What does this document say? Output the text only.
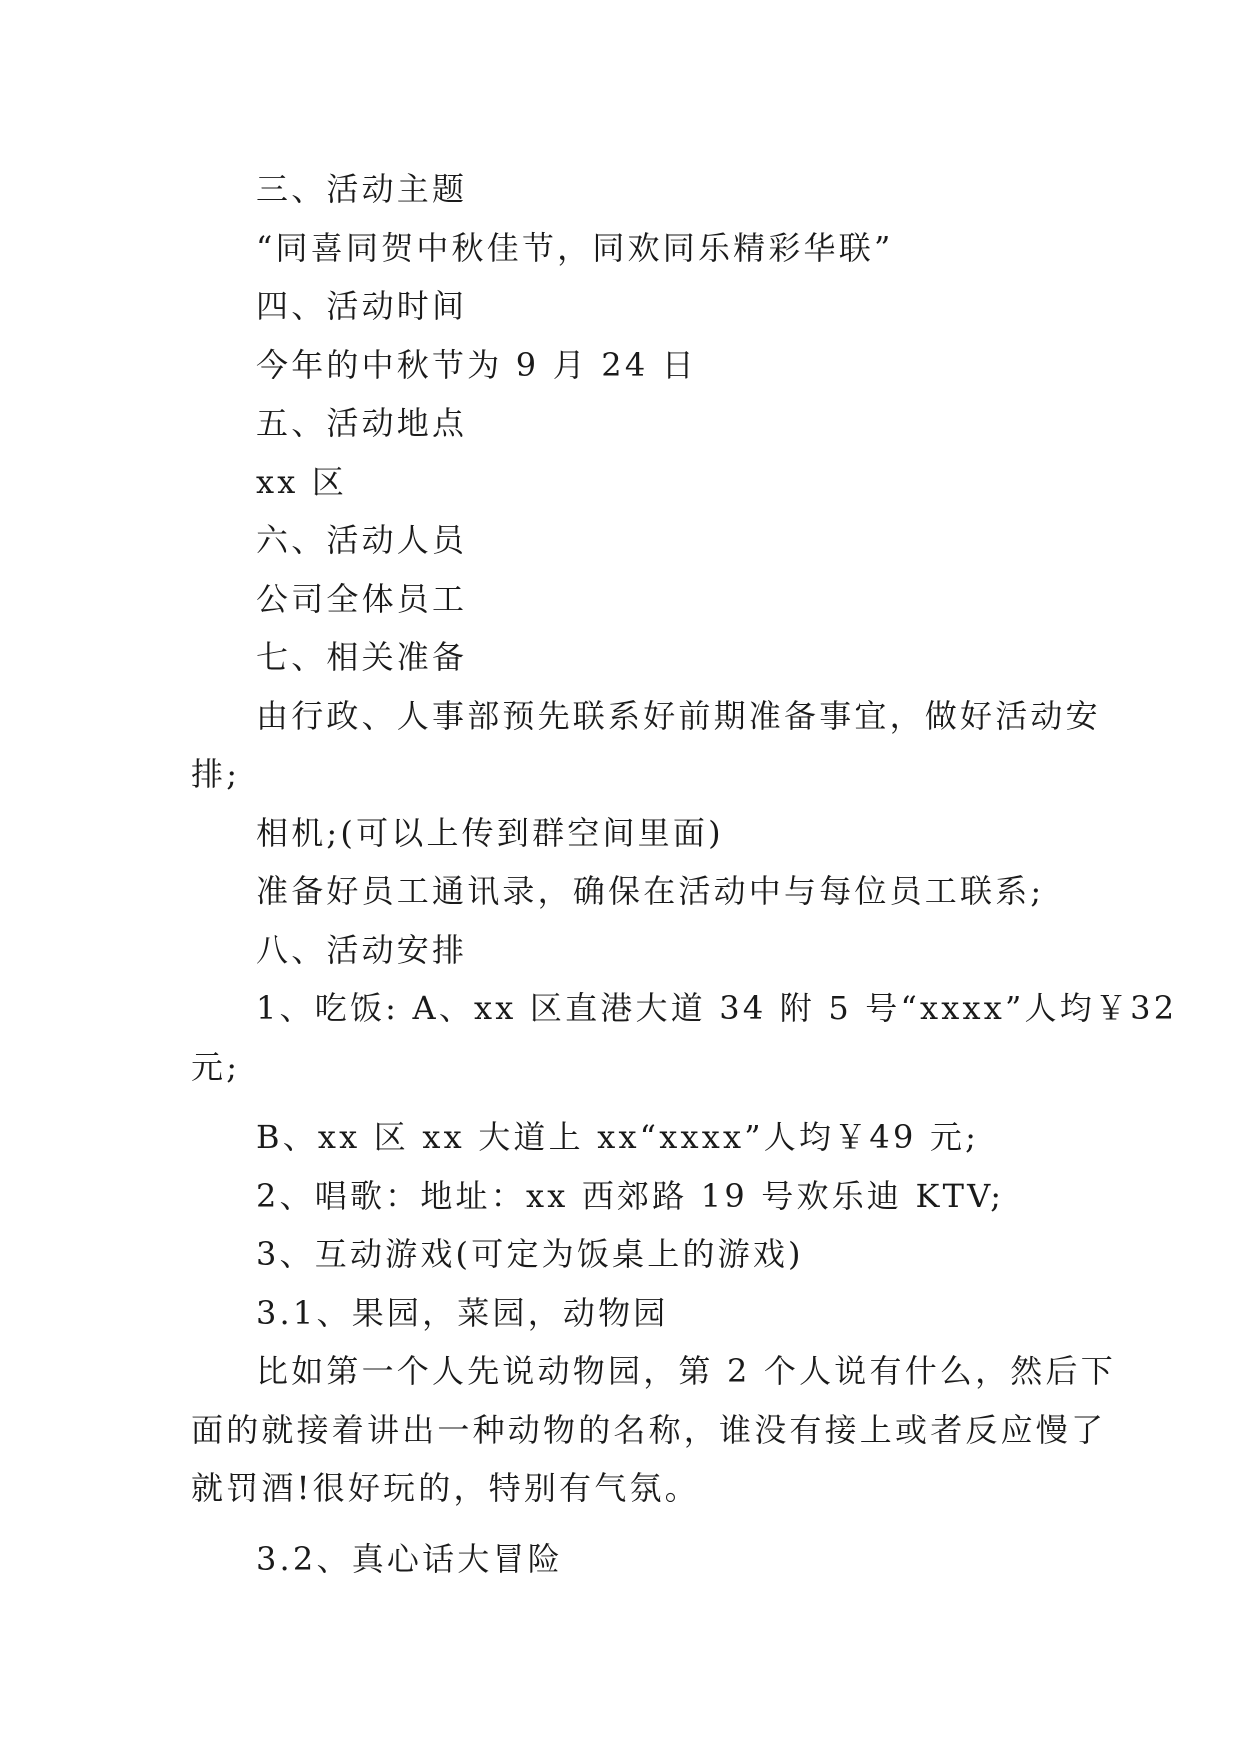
三、活动主题

“同喜同贺中秋佳节，同欢同乐精彩华联”

四、活动时间

今年的中秋节为 9 月 24 日

五、活动地点

xx 区

六、活动人员

公司全体员工

七、相关准备

由行政、人事部预先联系好前期准备事宜，做好活动安

排;

相机;(可以上传到群空间里面)

准备好员工通讯录，确保在活动中与每位员工联系;

八、活动安排

1、吃饭: A、xx 区直港大道 34 附 5 号“xxxx”人均￥32

元;

B、xx 区 xx 大道上 xx“xxxx”人均￥49 元;

2、唱歌：地址：xx 西郊路 19 号欢乐迪 KTV;

3、互动游戏(可定为饭桌上的游戏)

3.1、果园，菜园，动物园

比如第一个人先说动物园，第 2 个人说有什么，然后下

面的就接着讲出一种动物的名称，谁没有接上或者反应慢了

就罚酒!很好玩的，特别有气氛。

3.2、真心话大冒险
